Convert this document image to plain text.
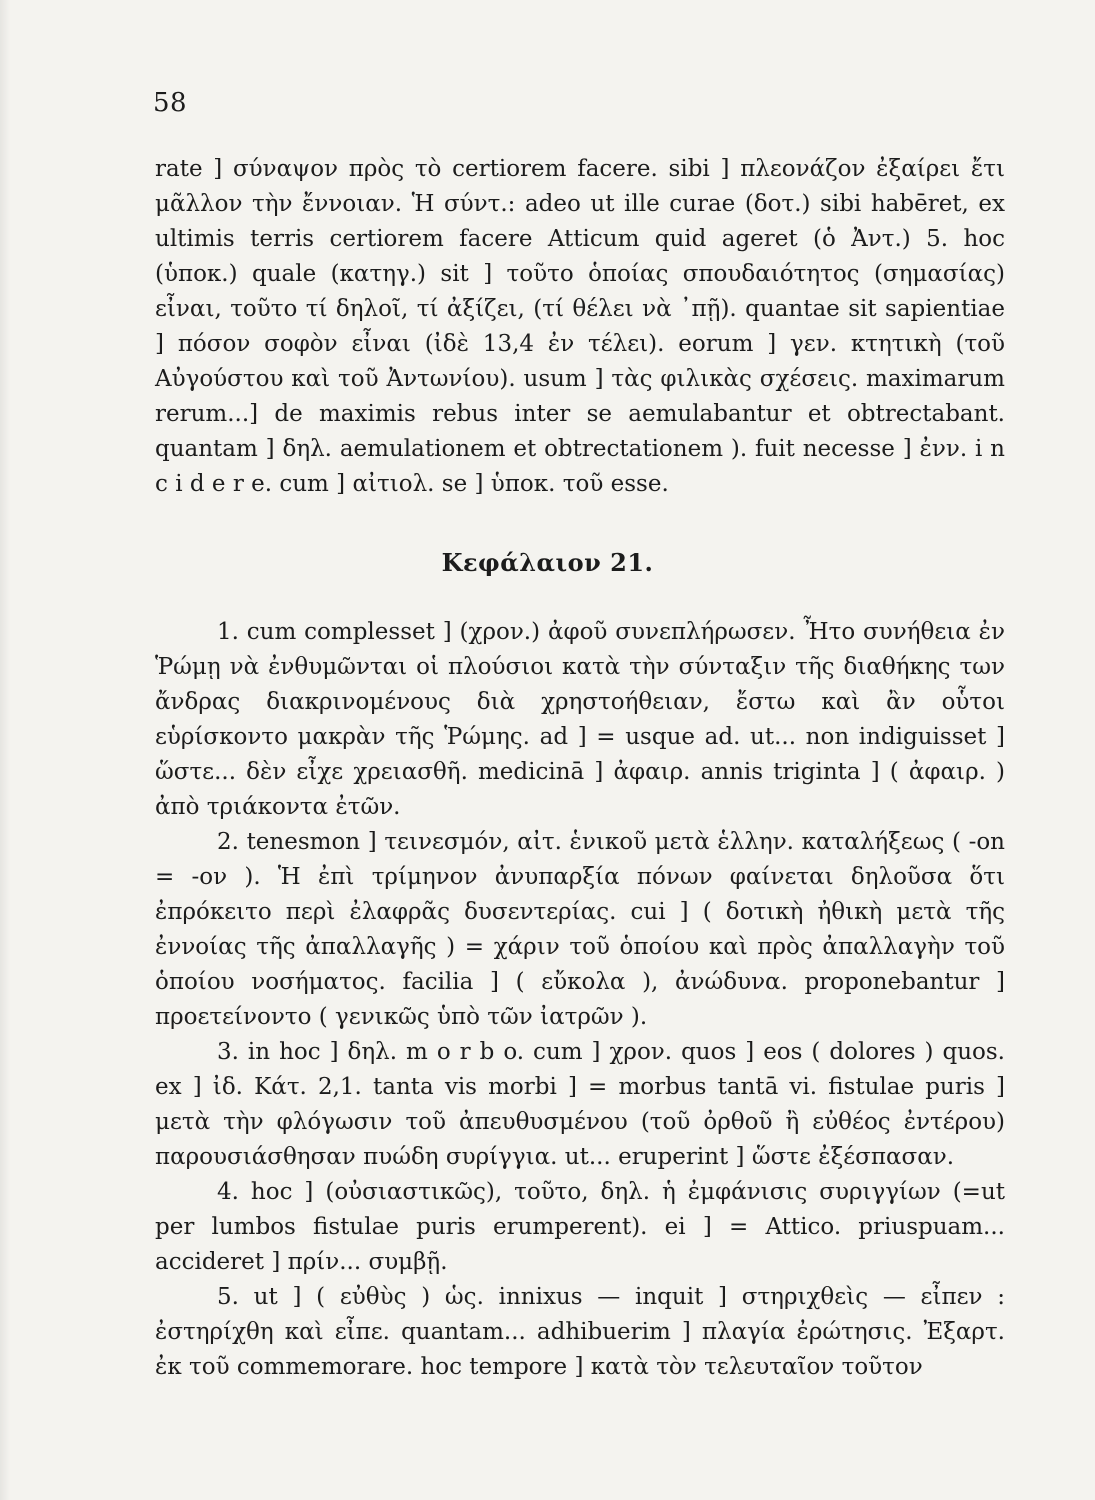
58

rate ] σύναψον πρὸς τὸ certiorem facere. sibi ] πλεονάζον ἐξαίρει ἔτι μᾶλλον τὴν ἔννοιαν. Ἡ σύντ.: adeo ut ille curae (δοτ.) sibi habēret, ex ultimis terris certiorem facere Atticum quid ageret (ὁ Ἀντ.) 5. hoc (ὑποκ.) quale (κατηγ.) sit ] τοῦτο ὁποίας σπουδαιότητος (σημασίας) εἶναι, τοῦτο τί δηλοῖ, τί ἀξίζει, (τί θέλει νὰ ᾽πῇ). quantae sit sapientiae ] πόσον σοφὸν εἶναι (ἰδὲ 13,4 ἐν τέλει). eorum ] γεν. κτητικὴ (τοῦ Αὐγούστου καὶ τοῦ Ἀντωνίου). usum ] τὰς φιλικὰς σχέσεις. maximarum rerum...] de maximis rebus inter se aemulabantur et obtrectabant. quantam ] δηλ. aemulationem et obtrectationem ). fuit necesse ] ἐνν. i n c i d e r e. cum ] αἰτιολ. se ] ὑποκ. τοῦ esse.

Κεφάλαιον 21.

1. cum complesset ] (χρον.) ἀφοῦ συνεπλήρωσεν. Ἦτο συνήθεια ἐν Ῥώμῃ νὰ ἐνθυμῶνται οἱ πλούσιοι κατὰ τὴν σύνταξιν τῆς διαθήκης των ἄνδρας διακρινομένους διὰ χρηστοήθειαν, ἔστω καὶ ἂν οὗτοι εὑρίσκοντο μακρὰν τῆς Ῥώμης. ad ] = usque ad. ut... non indiguisset ] ὥστε... δὲν εἶχε χρειασθῆ. medicinā ] ἀφαιρ. annis triginta ] ( ἀφαιρ. ) ἀπὸ τριάκοντα ἐτῶν.

2. tenesmon ] τεινεσμόν, αἰτ. ἑνικοῦ μετὰ ἑλλην. καταλήξεως ( -on = -ον ). Ἡ ἐπὶ τρίμηνον ἀνυπαρξία πόνων φαίνεται δηλοῦσα ὅτι ἐπρόκειτο περὶ ἐλαφρᾶς δυσεντερίας. cui ] ( δοτικὴ ἠθικὴ μετὰ τῆς ἐννοίας τῆς ἀπαλλαγῆς ) = χάριν τοῦ ὁποίου καὶ πρὸς ἀπαλλαγὴν τοῦ ὁποίου νοσήματος. facilia ] ( εὔκολα ), ἀνώδυνα. proponebantur ] προετείνοντο ( γενικῶς ὑπὸ τῶν ἰατρῶν ).

3. in hoc ] δηλ. m o r b o. cum ] χρον. quos ] eos ( dolores ) quos. ex ] ἰδ. Κάτ. 2,1. tanta vis morbi ] = morbus tantā vi. fistulae puris ] μετὰ τὴν φλόγωσιν τοῦ ἀπευθυσμένου (τοῦ ὀρθοῦ ἢ εὐθέος ἐντέρου) παρουσιάσθησαν πυώδη συρίγγια. ut... eruperint ] ὥστε ἐξέσπασαν.

4. hoc ] (οὐσιαστικῶς), τοῦτο, δηλ. ἡ ἐμφάνισις συριγγίων (=ut per lumbos fistulae puris erumperent). ei ] = Attico. priuspuam... accideret ] πρίν... συμβῇ.

5. ut ] ( εὐθὺς ) ὡς. innixus — inquit ] στηριχθεὶς — εἶπεν : ἐστηρίχθη καὶ εἶπε. quantam... adhibuerim ] πλαγία ἐρώτησις. Ἐξαρτ. ἐκ τοῦ commemorare. hoc tempore ] κατὰ τὸν τελευταῖον τοῦτον
